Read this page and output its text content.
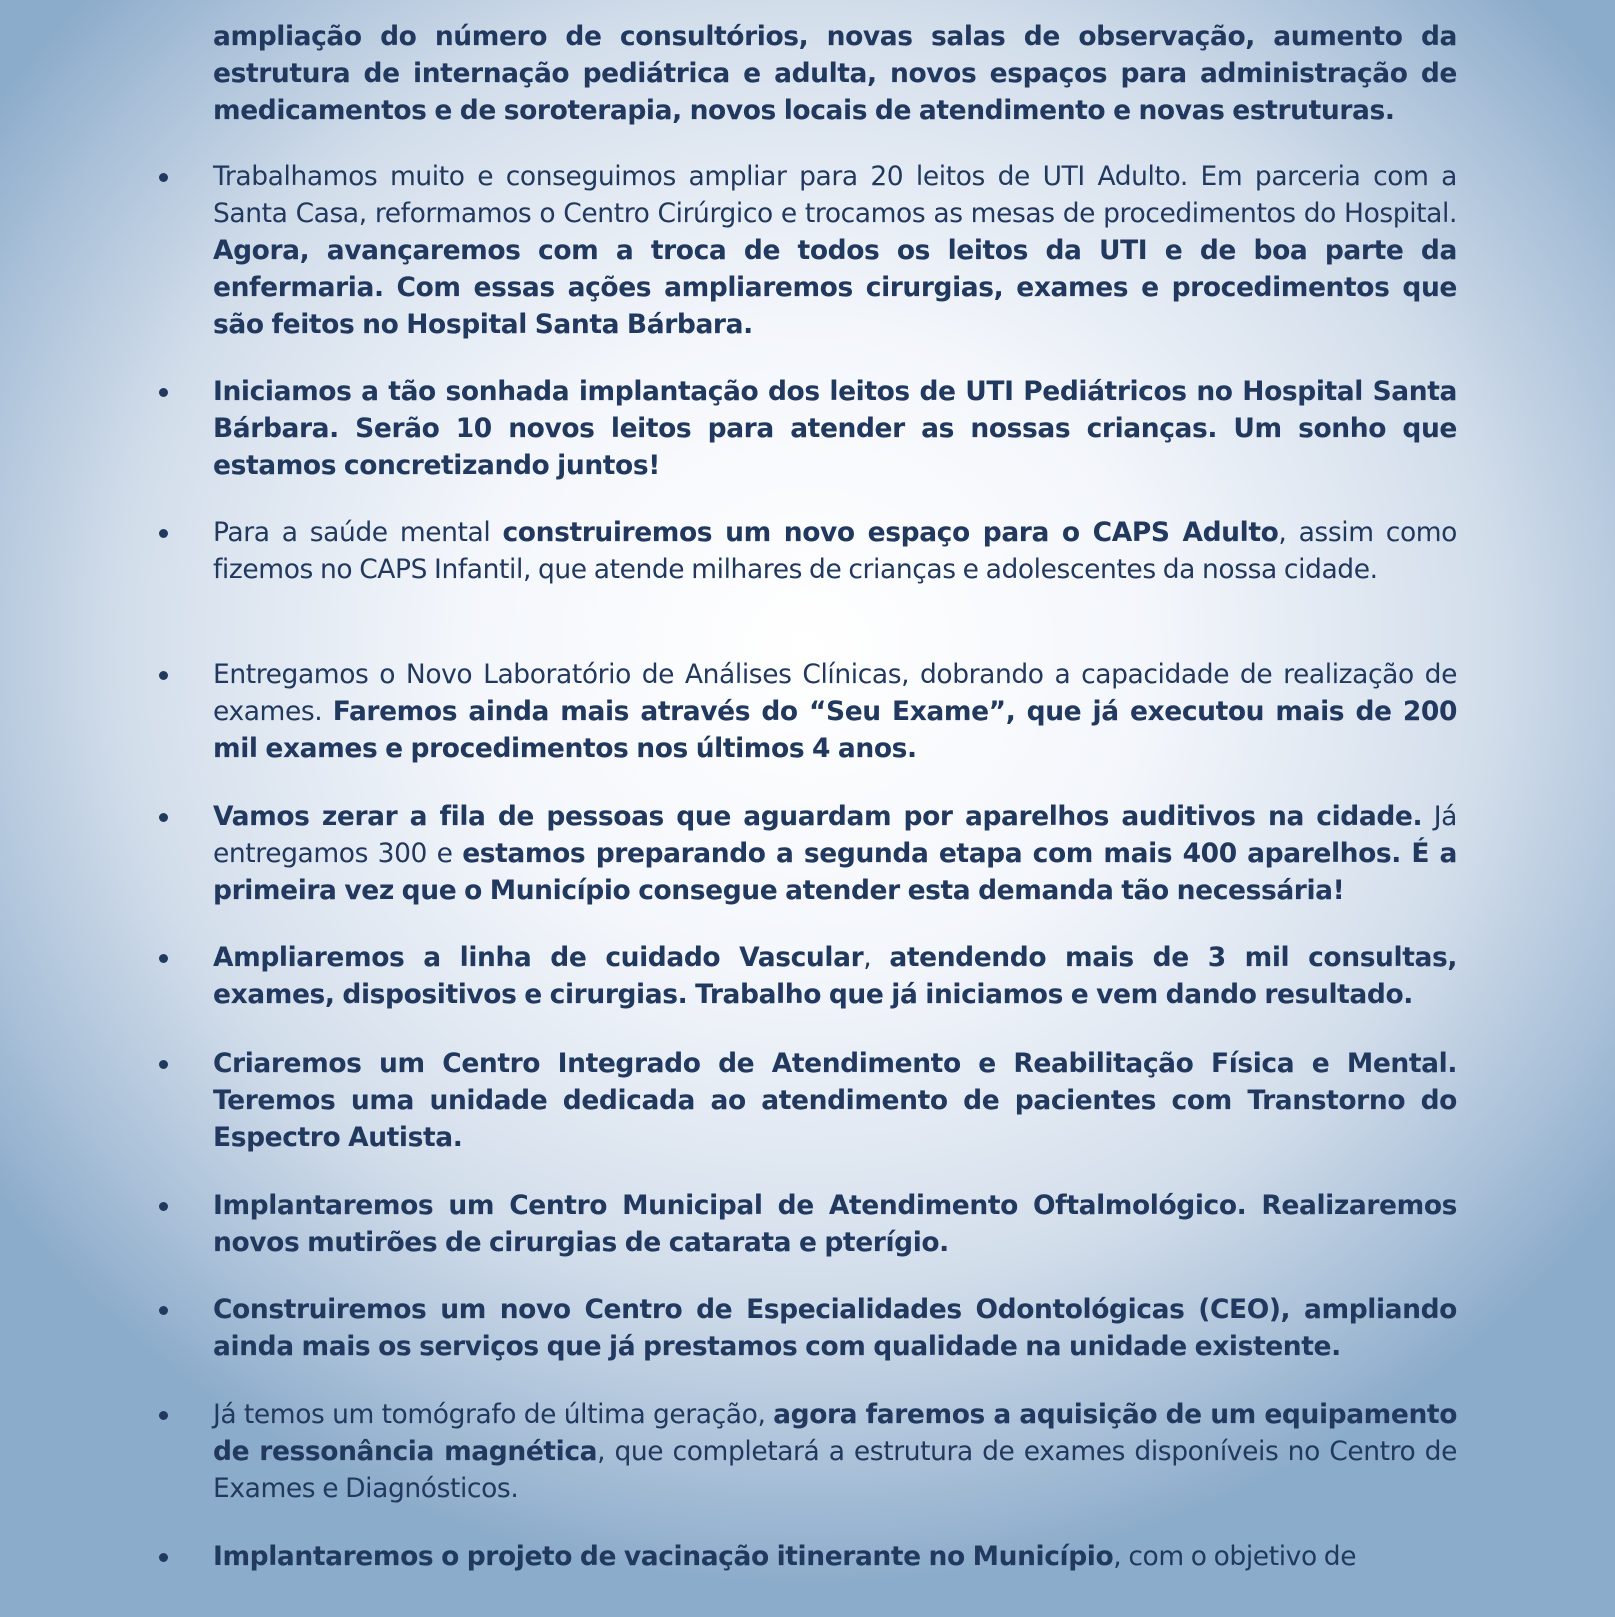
ampliação do número de consultórios, novas salas de observação, aumento da estrutura de internação pediátrica e adulta, novos espaços para administração de medicamentos e de soroterapia, novos locais de atendimento e novas estruturas.

Trabalhamos muito e conseguimos ampliar para 20 leitos de UTI Adulto. Em parceria com a Santa Casa, reformamos o Centro Cirúrgico e trocamos as mesas de procedimentos do Hospital. Agora, avançaremos com a troca de todos os leitos da UTI e de boa parte da enfermaria. Com essas ações ampliaremos cirurgias, exames e procedimentos que são feitos no Hospital Santa Bárbara.

Iniciamos a tão sonhada implantação dos leitos de UTI Pediátricos no Hospital Santa Bárbara. Serão 10 novos leitos para atender as nossas crianças. Um sonho que estamos concretizando juntos!

Para a saúde mental construiremos um novo espaço para o CAPS Adulto, assim como fizemos no CAPS Infantil, que atende milhares de crianças e adolescentes da nossa cidade.

Entregamos o Novo Laboratório de Análises Clínicas, dobrando a capacidade de realização de exames. Faremos ainda mais através do “Seu Exame”, que já executou mais de 200 mil exames e procedimentos nos últimos 4 anos.

Vamos zerar a fila de pessoas que aguardam por aparelhos auditivos na cidade. Já entregamos 300 e estamos preparando a segunda etapa com mais 400 aparelhos. É a primeira vez que o Município consegue atender esta demanda tão necessária!

Ampliaremos a linha de cuidado Vascular, atendendo mais de 3 mil consultas, exames, dispositivos e cirurgias. Trabalho que já iniciamos e vem dando resultado.

Criaremos um Centro Integrado de Atendimento e Reabilitação Física e Mental. Teremos uma unidade dedicada ao atendimento de pacientes com Transtorno do Espectro Autista.

Implantaremos um Centro Municipal de Atendimento Oftalmológico. Realizaremos novos mutirões de cirurgias de catarata e pterígio.

Construiremos um novo Centro de Especialidades Odontológicas (CEO), ampliando ainda mais os serviços que já prestamos com qualidade na unidade existente.

Já temos um tomógrafo de última geração, agora faremos a aquisição de um equipamento de ressonância magnética, que completará a estrutura de exames disponíveis no Centro de Exames e Diagnósticos.

Implantaremos o projeto de vacinação itinerante no Município, com o objetivo de
